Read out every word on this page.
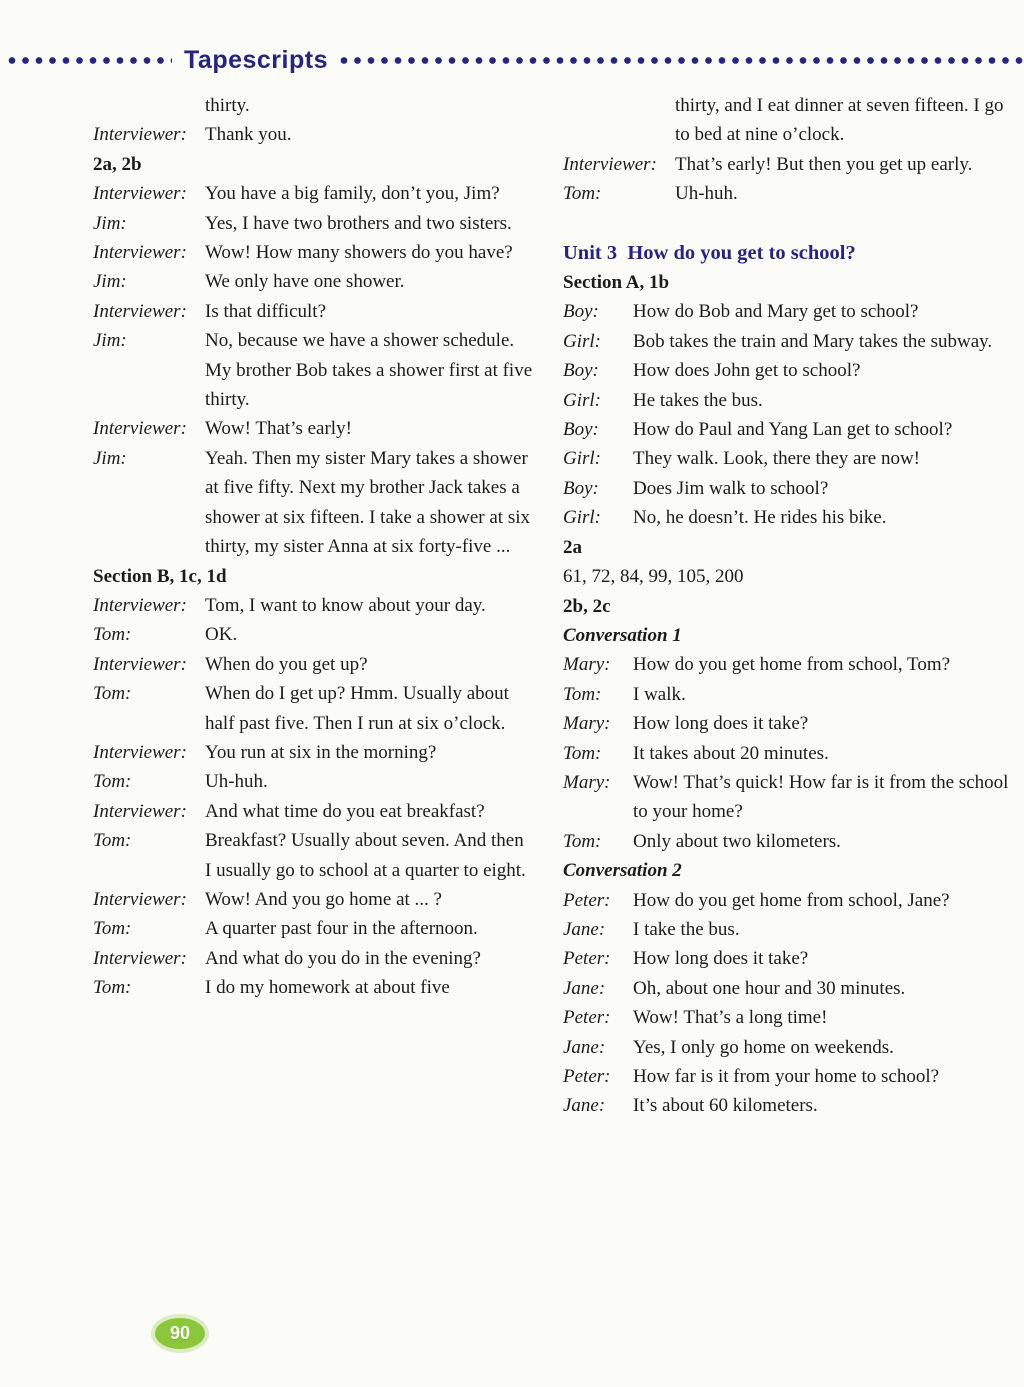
Tapescripts
thirty.
Interviewer: Thank you.
2a, 2b
Interviewer: You have a big family, don’t you, Jim?
Jim:	Yes, I have two brothers and two sisters.
Interviewer: Wow! How many showers do you have?
Jim:	We only have one shower.
Interviewer: Is that difficult?
Jim:	No, because we have a shower schedule. My brother Bob takes a shower first at five thirty.
Interviewer: Wow! That’s early!
Jim:	Yeah. Then my sister Mary takes a shower at five fifty. Next my brother Jack takes a shower at six fifteen. I take a shower at six thirty, my sister Anna at six forty-five ...
Section B, 1c, 1d
Interviewer: Tom, I want to know about your day.
Tom:	OK.
Interviewer: When do you get up?
Tom:	When do I get up? Hmm. Usually about half past five. Then I run at six o’clock.
Interviewer: You run at six in the morning?
Tom:	Uh-huh.
Interviewer: And what time do you eat breakfast?
Tom:	Breakfast? Usually about seven. And then I usually go to school at a quarter to eight.
Interviewer: Wow! And you go home at ... ?
Tom:	A quarter past four in the afternoon.
Interviewer: And what do you do in the evening?
Tom:	I do my homework at about five
thirty, and I eat dinner at seven fifteen. I go to bed at nine o’clock.
Interviewer: That’s early! But then you get up early.
Tom:	Uh-huh.
Unit 3  How do you get to school?
Section A, 1b
Boy:	How do Bob and Mary get to school?
Girl:	Bob takes the train and Mary takes the subway.
Boy:	How does John get to school?
Girl:	He takes the bus.
Boy:	How do Paul and Yang Lan get to school?
Girl:	They walk. Look, there they are now!
Boy:	Does Jim walk to school?
Girl:	No, he doesn’t. He rides his bike.
2a
61, 72, 84, 99, 105, 200
2b, 2c
Conversation 1
Mary:	How do you get home from school, Tom?
Tom:	I walk.
Mary:	How long does it take?
Tom:	It takes about 20 minutes.
Mary:	Wow! That’s quick! How far is it from the school to your home?
Tom:	Only about two kilometers.
Conversation 2
Peter:	How do you get home from school, Jane?
Jane:	I take the bus.
Peter:	How long does it take?
Jane:	Oh, about one hour and 30 minutes.
Peter:	Wow! That’s a long time!
Jane:	Yes, I only go home on weekends.
Peter:	How far is it from your home to school?
Jane:	It’s about 60 kilometers.
90
